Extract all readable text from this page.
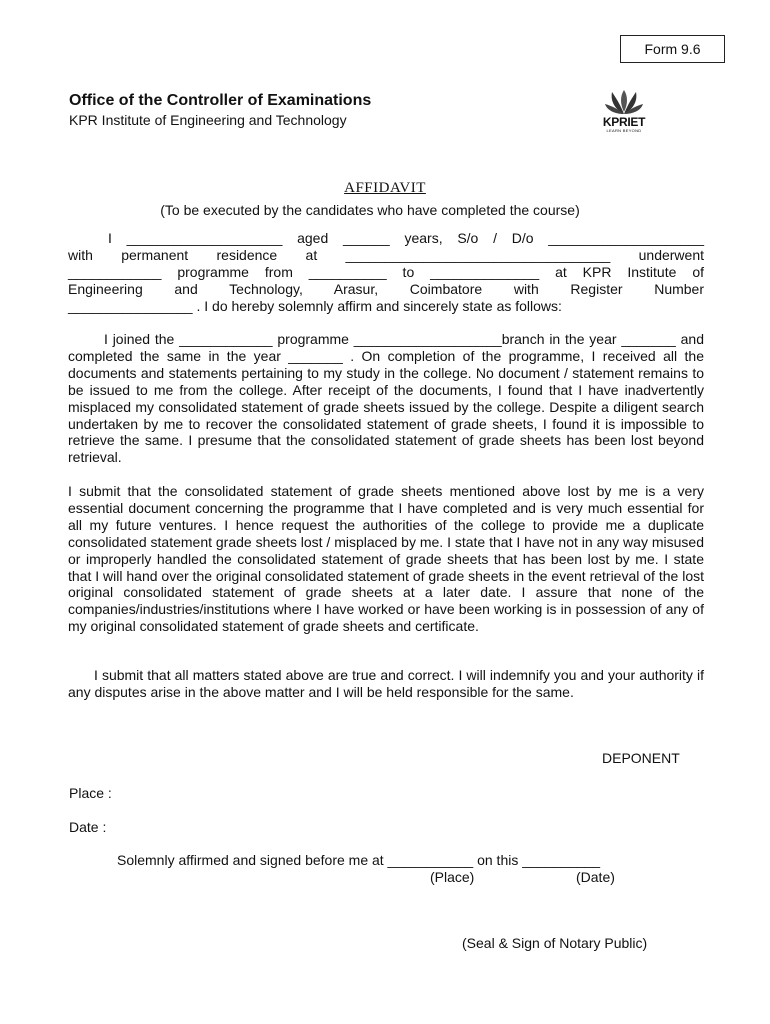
Form 9.6
Office of the Controller of Examinations
KPR Institute of Engineering and Technology	KPRIET
LEARN BEYOND
AFFIDAVIT
(To be executed by the candidates who have completed the course)
I ____________________ aged ______ years, S/o / D/o ____________________
with permanent residence at __________________________________ underwent
____________ programme from __________ to ______________ at KPR Institute of
Engineering and Technology, Arasur, Coimbatore with Register Number
________________ . I do hereby solemnly affirm and sincerely state as follows:
I joined the ____________ programme ___________________branch in the year _______ and completed the same in the year _______ . On completion of the programme, I received all the documents and statements pertaining to my study in the college. No document / statement remains to be issued to me from the college. After receipt of the documents, I found that I have inadvertently misplaced my consolidated statement of grade sheets issued by the college. Despite a diligent search undertaken by me to recover the consolidated statement of grade sheets, I found it is impossible to retrieve the same. I presume that the consolidated statement of grade sheets has been lost beyond retrieval.
I submit that the consolidated statement of grade sheets mentioned above lost by me is a very essential document concerning the programme that I have completed and is very much essential for all my future ventures. I hence request the authorities of the college to provide me a duplicate consolidated statement grade sheets lost / misplaced by me. I state that I have not in any way misused or improperly handled the consolidated statement of grade sheets that has been lost by me. I state that I will hand over the original consolidated statement of grade sheets in the event retrieval of the lost original consolidated statement of grade sheets at a later date. I assure that none of the companies/industries/institutions where I have worked or have been working is in possession of any of my original consolidated statement of grade sheets and certificate.
I submit that all matters stated above are true and correct. I will indemnify you and your authority if any disputes arise in the above matter and I will be held responsible for the same.
DEPONENT
Place :
Date :
Solemnly affirmed and signed before me at ___________ on this __________
(Place)	(Date)
(Seal & Sign of Notary Public)
